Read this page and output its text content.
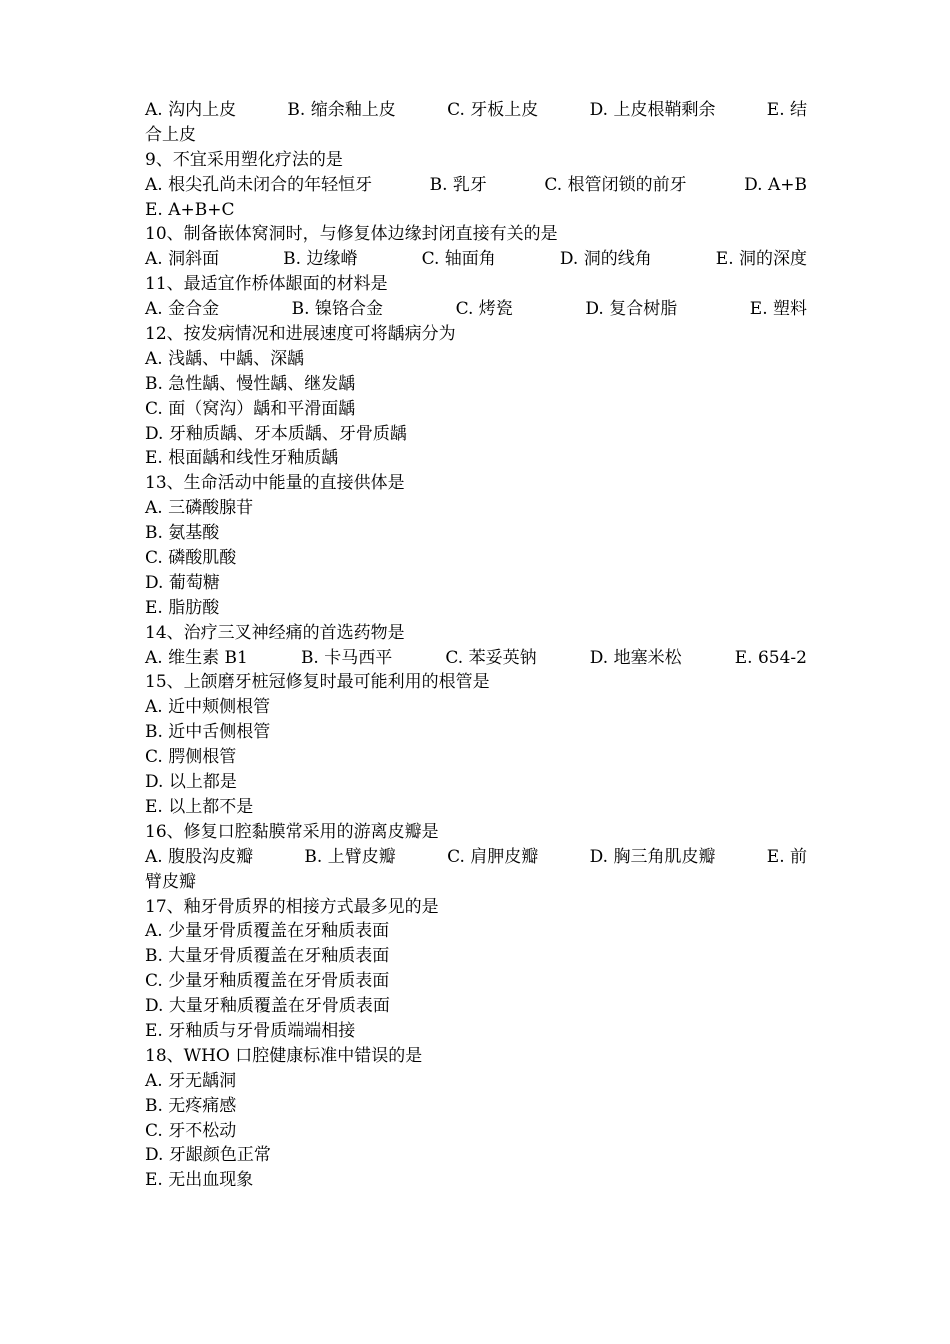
A. 沟内上皮	B. 缩余釉上皮	C. 牙板上皮	D. 上皮根鞘剩余	E. 结
合上皮
9、不宜采用塑化疗法的是
A. 根尖孔尚未闭合的年轻恒牙	B. 乳牙	C. 根管闭锁的前牙	D. A+B
E. A+B+C
10、制备嵌体窝洞时，与修复体边缘封闭直接有关的是
A. 洞斜面	B. 边缘嵴	C. 轴面角	D. 洞的线角	E. 洞的深度
11、最适宜作桥体龈面的材料是
A. 金合金	B. 镍铬合金	C. 烤瓷	D. 复合树脂	E. 塑料
12、按发病情况和进展速度可将龋病分为
A. 浅龋、中龋、深龋
B. 急性龋、慢性龋、继发龋
C. 面（窝沟）龋和平滑面龋
D. 牙釉质龋、牙本质龋、牙骨质龋
E. 根面龋和线性牙釉质龋
13、生命活动中能量的直接供体是
A. 三磷酸腺苷
B. 氨基酸
C. 磷酸肌酸
D. 葡萄糖
E. 脂肪酸
14、治疗三叉神经痛的首选药物是
A. 维生素 B1	B. 卡马西平	C. 苯妥英钠	D. 地塞米松	E. 654-2
15、上颌磨牙桩冠修复时最可能利用的根管是
A. 近中颊侧根管
B. 近中舌侧根管
C. 腭侧根管
D. 以上都是
E. 以上都不是
16、修复口腔黏膜常采用的游离皮瓣是
A. 腹股沟皮瓣	B. 上臂皮瓣	C. 肩胛皮瓣	D. 胸三角肌皮瓣	E. 前
臂皮瓣
17、釉牙骨质界的相接方式最多见的是
A. 少量牙骨质覆盖在牙釉质表面
B. 大量牙骨质覆盖在牙釉质表面
C. 少量牙釉质覆盖在牙骨质表面
D. 大量牙釉质覆盖在牙骨质表面
E. 牙釉质与牙骨质端端相接
18、WHO 口腔健康标准中错误的是
A. 牙无龋洞
B. 无疼痛感
C. 牙不松动
D. 牙龈颜色正常
E. 无出血现象
